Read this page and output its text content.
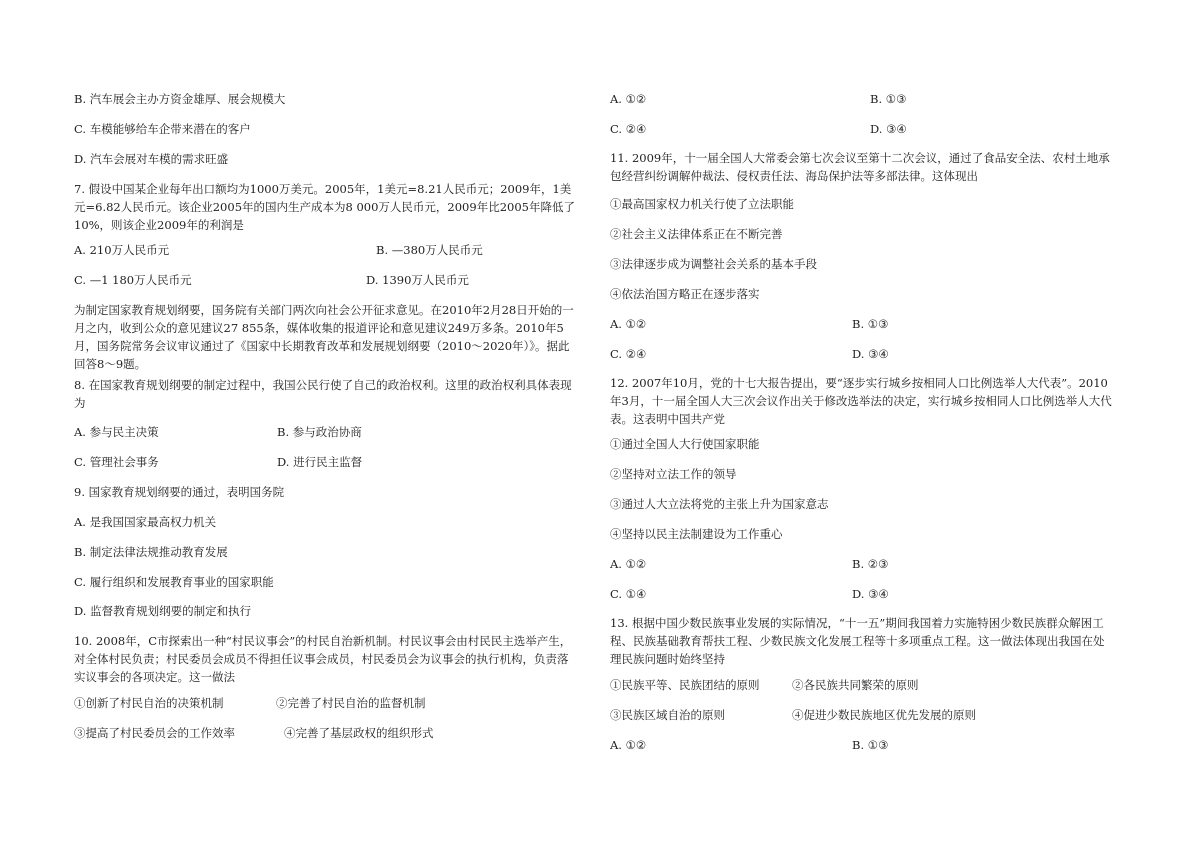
B. 汽车展会主办方资金雄厚、展会规模大
C. 车模能够给车企带来潜在的客户
D. 汽车会展对车模的需求旺盛
7. 假设中国某企业每年出口额均为1000万美元。2005年，1美元=8.21人民币元；2009年，1美元=6.82人民币元。该企业2005年的国内生产成本为8 000万人民币元，2009年比2005年降低了10%，则该企业2009年的利润是
A. 210万人民币元	B. —380万人民币元
C. —1 180万人民币元	D. 1390万人民币元
为制定国家教育规划纲要，国务院有关部门两次向社会公开征求意见。在2010年2月28日开始的一月之内，收到公众的意见建议27 855条，媒体收集的报道评论和意见建议249万多条。2010年5月，国务院常务会议审议通过了《国家中长期教育改革和发展规划纲要（2010～2020年）》。据此回答8～9题。
8. 在国家教育规划纲要的制定过程中，我国公民行使了自己的政治权利。这里的政治权利具体表现为
A. 参与民主决策	B. 参与政治协商
C. 管理社会事务	D. 进行民主监督
9. 国家教育规划纲要的通过，表明国务院
A. 是我国国家最高权力机关
B. 制定法律法规推动教育发展
C. 履行组织和发展教育事业的国家职能
D. 监督教育规划纲要的制定和执行
10. 2008年，C市探索出一种“村民议事会”的村民自治新机制。村民议事会由村民民主选举产生，对全体村民负责；村民委员会成员不得担任议事会成员，村民委员会为议事会的执行机构，负责落实议事会的各项决定。这一做法
①创新了村民自治的决策机制	②完善了村民自治的监督机制
③提高了村民委员会的工作效率	④完善了基层政权的组织形式
A. ①②	B. ①③
C. ②④	D. ③④
11. 2009年，十一届全国人大常委会第七次会议至第十二次会议，通过了食品安全法、农村土地承包经营纠纷调解仲裁法、侵权责任法、海岛保护法等多部法律。这体现出
①最高国家权力机关行使了立法职能
②社会主义法律体系正在不断完善
③法律逐步成为调整社会关系的基本手段
④依法治国方略正在逐步落实
A. ①②	B. ①③
C. ②④	D. ③④
12. 2007年10月，党的十七大报告提出，要“逐步实行城乡按相同人口比例选举人大代表”。2010年3月，十一届全国人大三次会议作出关于修改选举法的决定，实行城乡按相同人口比例选举人大代表。这表明中国共产党
①通过全国人大行使国家职能
②坚持对立法工作的领导
③通过人大立法将党的主张上升为国家意志
④坚持以民主法制建设为工作重心
A. ①②	B. ②③
C. ①④	D. ③④
13. 根据中国少数民族事业发展的实际情况，“十一五”期间我国着力实施特困少数民族群众解困工程、民族基础教育帮扶工程、少数民族文化发展工程等十多项重点工程。这一做法体现出我国在处理民族问题时始终坚持
①民族平等、民族团结的原则	②各民族共同繁荣的原则
③民族区域自治的原则	④促进少数民族地区优先发展的原则
A. ①②	B. ①③
